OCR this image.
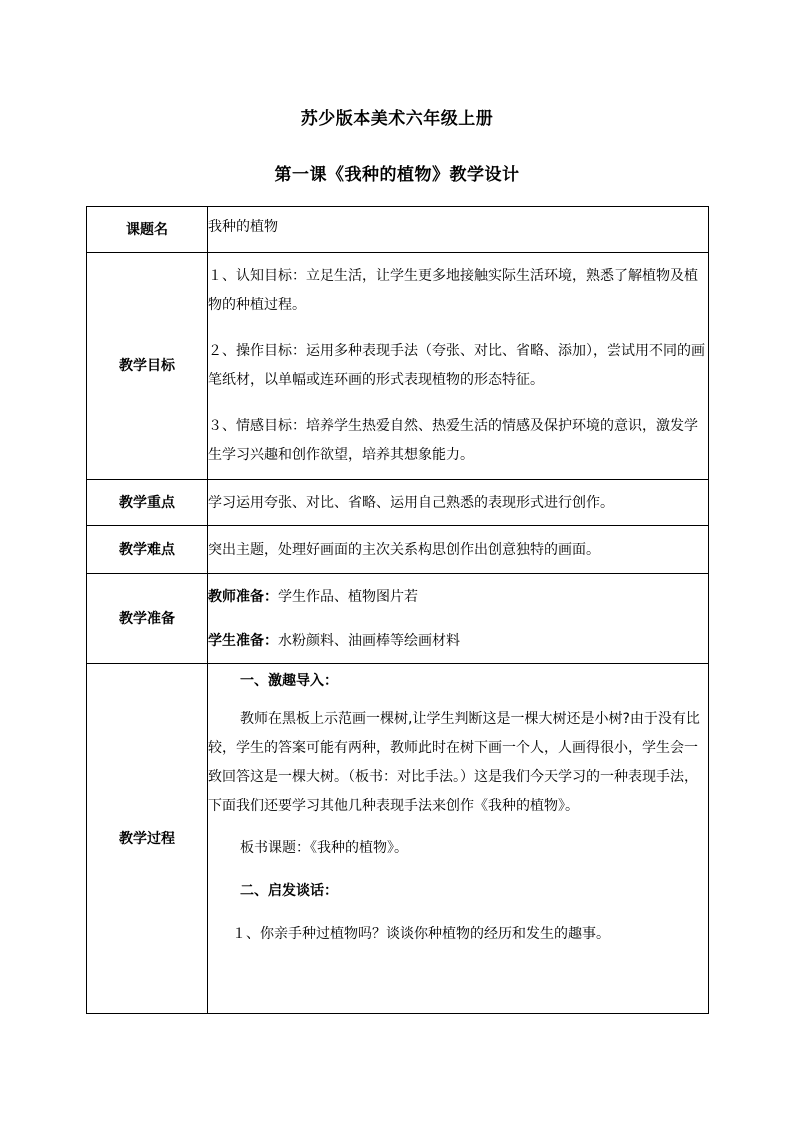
苏少版本美术六年级上册
第一课《我种的植物》教学设计
课题名	我种的植物
教学目标	１、认知目标：立足生活，让学生更多地接触实际生活环境，熟悉了解植物及植物的种植过程。

２、操作目标：运用多种表现手法（夸张、对比、省略、添加），尝试用不同的画笔纸材，以单幅或连环画的形式表现植物的形态特征。

３、情感目标：培养学生热爱自然、热爱生活的情感及保护环境的意识，激发学生学习兴趣和创作欲望，培养其想象能力。

教学重点	学习运用夸张、对比、省略、运用自己熟悉的表现形式进行创作。
教学难点	突出主题，处理好画面的主次关系构思创作出创意独特的画面。
教学准备	教师准备：学生作品、植物图片若

学生准备：水粉颜料、油画棒等绘画材料

教学过程	一、激趣导入：

教师在黑板上示范画一棵树,让学生判断这是一棵大树还是小树?由于没有比较，学生的答案可能有两种，教师此时在树下画一个人，人画得很小，学生会一致回答这是一棵大树。（板书：对比手法。）这是我们今天学习的一种表现手法，下面我们还要学习其他几种表现手法来创作《我种的植物》。

板书课题：《我种的植物》。

二、启发谈话：

１、你亲手种过植物吗？谈谈你种植物的经历和发生的趣事。
